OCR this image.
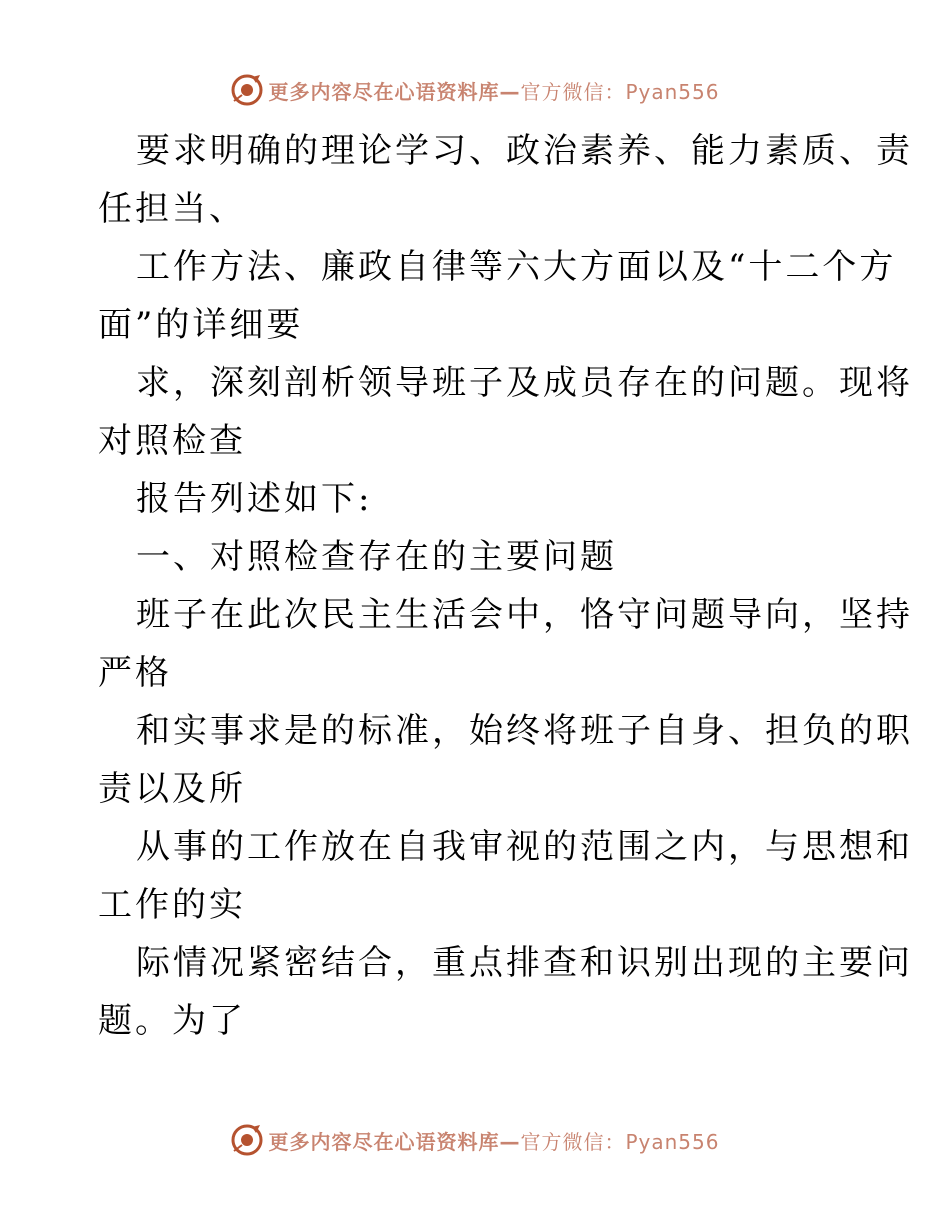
更多内容尽在心语资料库—官方微信：Pyan556
要求明确的理论学习、政治素养、能力素质、责
任担当、
工作方法、廉政自律等六大方面以及“十二个方
面”的详细要
求，深刻剖析领导班子及成员存在的问题。现将
对照检查
报告列述如下:
一、对照检查存在的主要问题
班子在此次民主生活会中，恪守问题导向，坚持
严格
和实事求是的标准，始终将班子自身、担负的职
责以及所
从事的工作放在自我审视的范围之内，与思想和
工作的实
际情况紧密结合，重点排查和识别出现的主要问
题。为了
更多内容尽在心语资料库—官方微信：Pyan556
